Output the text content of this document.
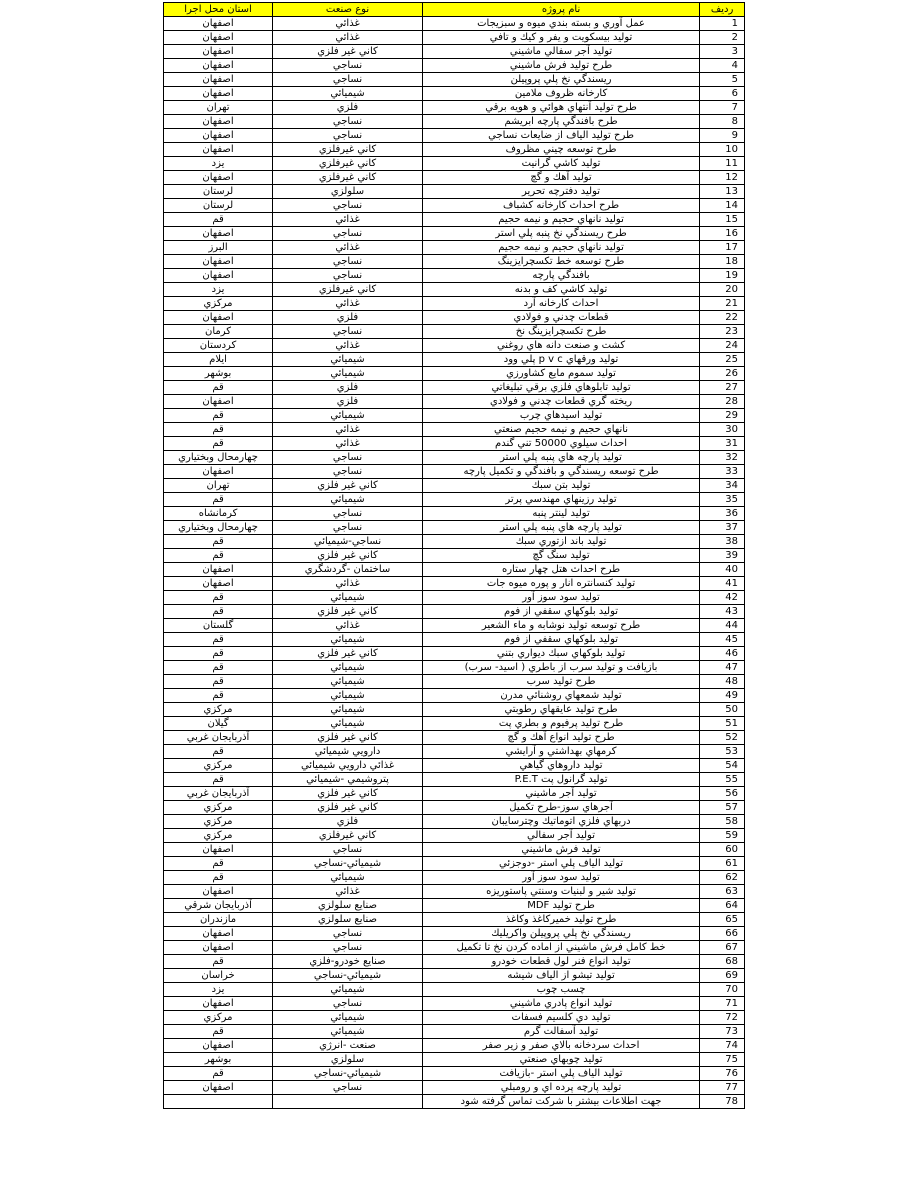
ردیف	نام پروژه	نوع صنعت	استان محل اجرا
1	عمل آوري و بسته بندي ميوه و سبزيجات	غذائي	اصفهان
2	توليد بيسكويت و يفر و كيك و تافي	غذائي	اصفهان
3	توليد آجر سفالي ماشيني	كاني غير فلزي	اصفهان
4	طرح توليد فرش ماشيني	نساجي	اصفهان
5	ريسندگي نخ پلي پروپيلن	نساجي	اصفهان
6	كارخانه ظروف ملامين	شيميائي	اصفهان
7	طرح توليد آنتهاي هوائي و هويه برقي	فلزي	تهران
8	طرح بافندگي پارچه ابريشم	نساجي	اصفهان
9	طرح توليد الياف از ضايعات نساجي	نساجي	اصفهان
10	طرح توسعه چيني مظروف	كاني غيرفلزي	اصفهان
11	توليد كاشي گرانيت	كاني غيرفلزي	يزد
12	توليد آهك و گچ	كاني غيرفلزي	اصفهان
13	توليد دفترچه تحرير	سلولزي	لرستان
14	طرح احداث كارخانه كشباف	نساجي	لرستان
15	توليد نانهاي حجيم و نيمه حجيم	غذائي	قم
16	طرح ريسندگي نخ پنبه پلي استر	نساجي	اصفهان
17	توليد نانهاي حجيم و نيمه حجيم	غذائي	البرز
18	طرح توسعه خط تكسچرايزينگ	نساجي	اصفهان
19	بافندگي پارچه	نساجي	اصفهان
20	توليد كاشي كف و بدنه	كاني غيرفلزي	يزد
21	احداث كارخانه آرد	غذائي	مركزي
22	قطعات چدني و فولادي	فلزي	اصفهان
23	طرح تكسچرايزينگ نخ	نساجي	كرمان
24	كشت و صنعت دانه هاي روغني	غذائي	كردستان
25	توليد ورقهاي p v c پلي وود	شيميائي	ايلام
26	توليد سموم مايع كشاورزي	شيميائي	بوشهر
27	توليد تابلوهاي فلزي برقي تبليغاتي	فلزي	قم
28	ريخته گري قطعات چدني و فولادي	فلزي	اصفهان
29	توليد اسيدهاي چرب	شيميائي	قم
30	نانهاي حجيم و نيمه حجيم صنعتي	غذائي	قم
31	احداث سيلوي 50000 تني گندم	غذائي	قم
32	توليد پارچه هاي پنبه پلي استر	نساجي	چهارمحال وبختياري
33	طرح توسعه ريسندگي و بافندگي و تكميل پارچه	نساجي	اصفهان
34	توليد بتن سبك	كاني غير فلزي	تهران
35	توليد رزينهاي مهندسي پرتر	شيميائي	قم
36	توليد لينتر پنبه	نساجي	كرمانشاه
37	توليد پارچه هاي پنبه پلي استر	نساجي	چهارمحال وبختياري
38	توليد باند ازتوري سبك	نساجي-شيميائي	قم
39	توليد سنگ گچ	كاني غير فلزي	قم
40	طرح احداث هتل چهار ستاره	ساختمان -گردشگري	اصفهان
41	توليد كنسانتره انار و پوره ميوه جات	غذائي	اصفهان
42	توليد سود سوز آور	شيميائي	قم
43	توليد بلوكهاي سقفي از فوم	كاني غير فلزي	قم
44	طرح توسعه توليد نوشابه و ماء الشعير	غذائي	گلستان
45	توليد بلوكهاي سقفي از فوم	شيميائي	قم
46	توليد بلوكهاي سبك ديواري بتني	كاني غير فلزي	قم
47	بازيافت و توليد سرب از باطري ( اسيد- سرب)	شيميائي	قم
48	طرح توليد سرب	شيميائي	قم
49	توليد شمعهاي روشنائي مدرن	شيميائي	قم
50	طرح توليد عايقهاي رطوبتي	شيميائي	مركزي
51	طرح توليد پرفيوم و بطري پت	شيميائي	گيلان
52	طرح توليد انواع آهك و گچ	كاني غير فلزي	آذربايجان غربي
53	كرمهاي بهداشتي و آرايشي	دارويي شيميائي	قم
54	توليد داروهاي گياهي	غذائي دارويي شيميائي	مركزي
55	توليد گرانول پت P.E.T	پتروشيمي -شيميائي	قم
56	توليد آجر ماشيني	كاني غير فلزي	آذربايجان غربي
57	آجرهاي سوز-طرح تكميل	كاني غير فلزي	مركزي
58	دربهاي فلزي اتوماتيك وچترسايبان	فلزي	مركزي
59	توليد آجر سفالي	كاني غيرفلزي	مركزي
60	توليد فرش ماشيني	نساجي	اصفهان
61	توليد الياف پلي استر -دوجزئي	شيميائي-نساجي	قم
62	توليد سود سوز آور	شيميائي	قم
63	توليد شير و لبنيات وسنتي پاستوريزه	غذائي	اصفهان
64	طرح توليد MDF	صنايع سلولزي	آذربايجان شرقي
65	طرح توليد خميركاغذ وكاغذ	صنايع سلولزي	مازندران
66	ريسندگي نخ پلي پروپيلن واكريليك	نساجي	اصفهان
67	خط كامل فرش ماشيني از اماده كردن نخ تا تكميل	نساجي	اصفهان
68	توليد انواع فنر لول قطعات خودرو	صنايع خودرو-فلزي	قم
69	توليد تيشو از الياف شيشه	شيميائي-نساجي	خراسان
70	چسب چوب	شيميائي	يزد
71	توليد انواع پادري ماشيني	نساجي	اصفهان
72	توليد دي كلسيم فسفات	شيميائي	مركزي
73	توليد آسفالت گرم	شيميائي	قم
74	احداث سردخانه بالاي صفر و زير صفر	صنعت -انرژي	اصفهان
75	توليد چوبهاي صنعتي	سلولزي	بوشهر
76	توليد الياف پلي استر -بازيافت	شيميائي-نساجي	قم
77	توليد پارچه پرده اي و رومبلي	نساجي	اصفهان
78	جهت اطلاعات بيشتر با شركت تماس گرفته شود		
